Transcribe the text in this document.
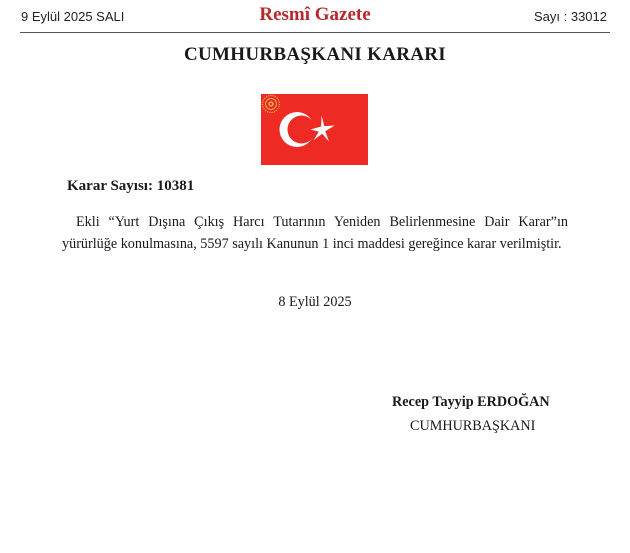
9 Eylül 2025 SALI	Resmî Gazete	Sayı : 33012
CUMHURBAŞKANI KARARI
Karar Sayısı: 10381
Ekli “Yurt Dışına Çıkış Harcı Tutarının Yeniden Belirlenmesine Dair Karar”ın
yürürlüğe konulmasına, 5597 sayılı Kanunun 1 inci maddesi gereğince karar verilmiştir.
8 Eylül 2025
Recep Tayyip ERDOĞAN
CUMHURBAŞKANI
